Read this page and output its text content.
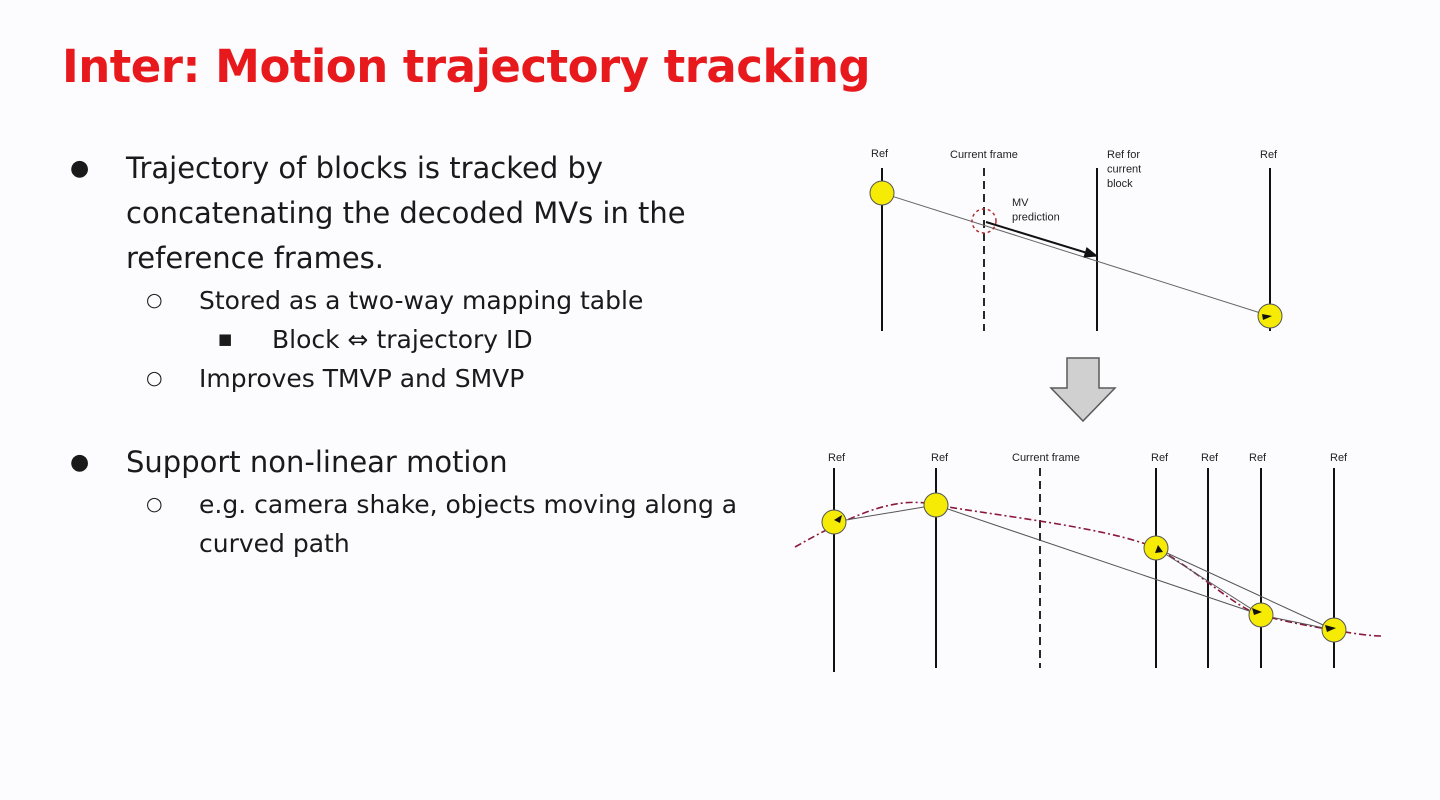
Inter: Motion trajectory tracking
● Trajectory of blocks is tracked by concatenating the decoded MVs in the reference frames.
○ Stored as a two-way mapping table
■ Block ⇔ trajectory ID
○ Improves TMVP and SMVP
● Support non-linear motion
○ e.g. camera shake, objects moving along a curved path
Ref	Current frame	Ref for current block
Ref
MV prediction
Ref	Ref	Current frame	Ref	Ref	Ref	Ref
